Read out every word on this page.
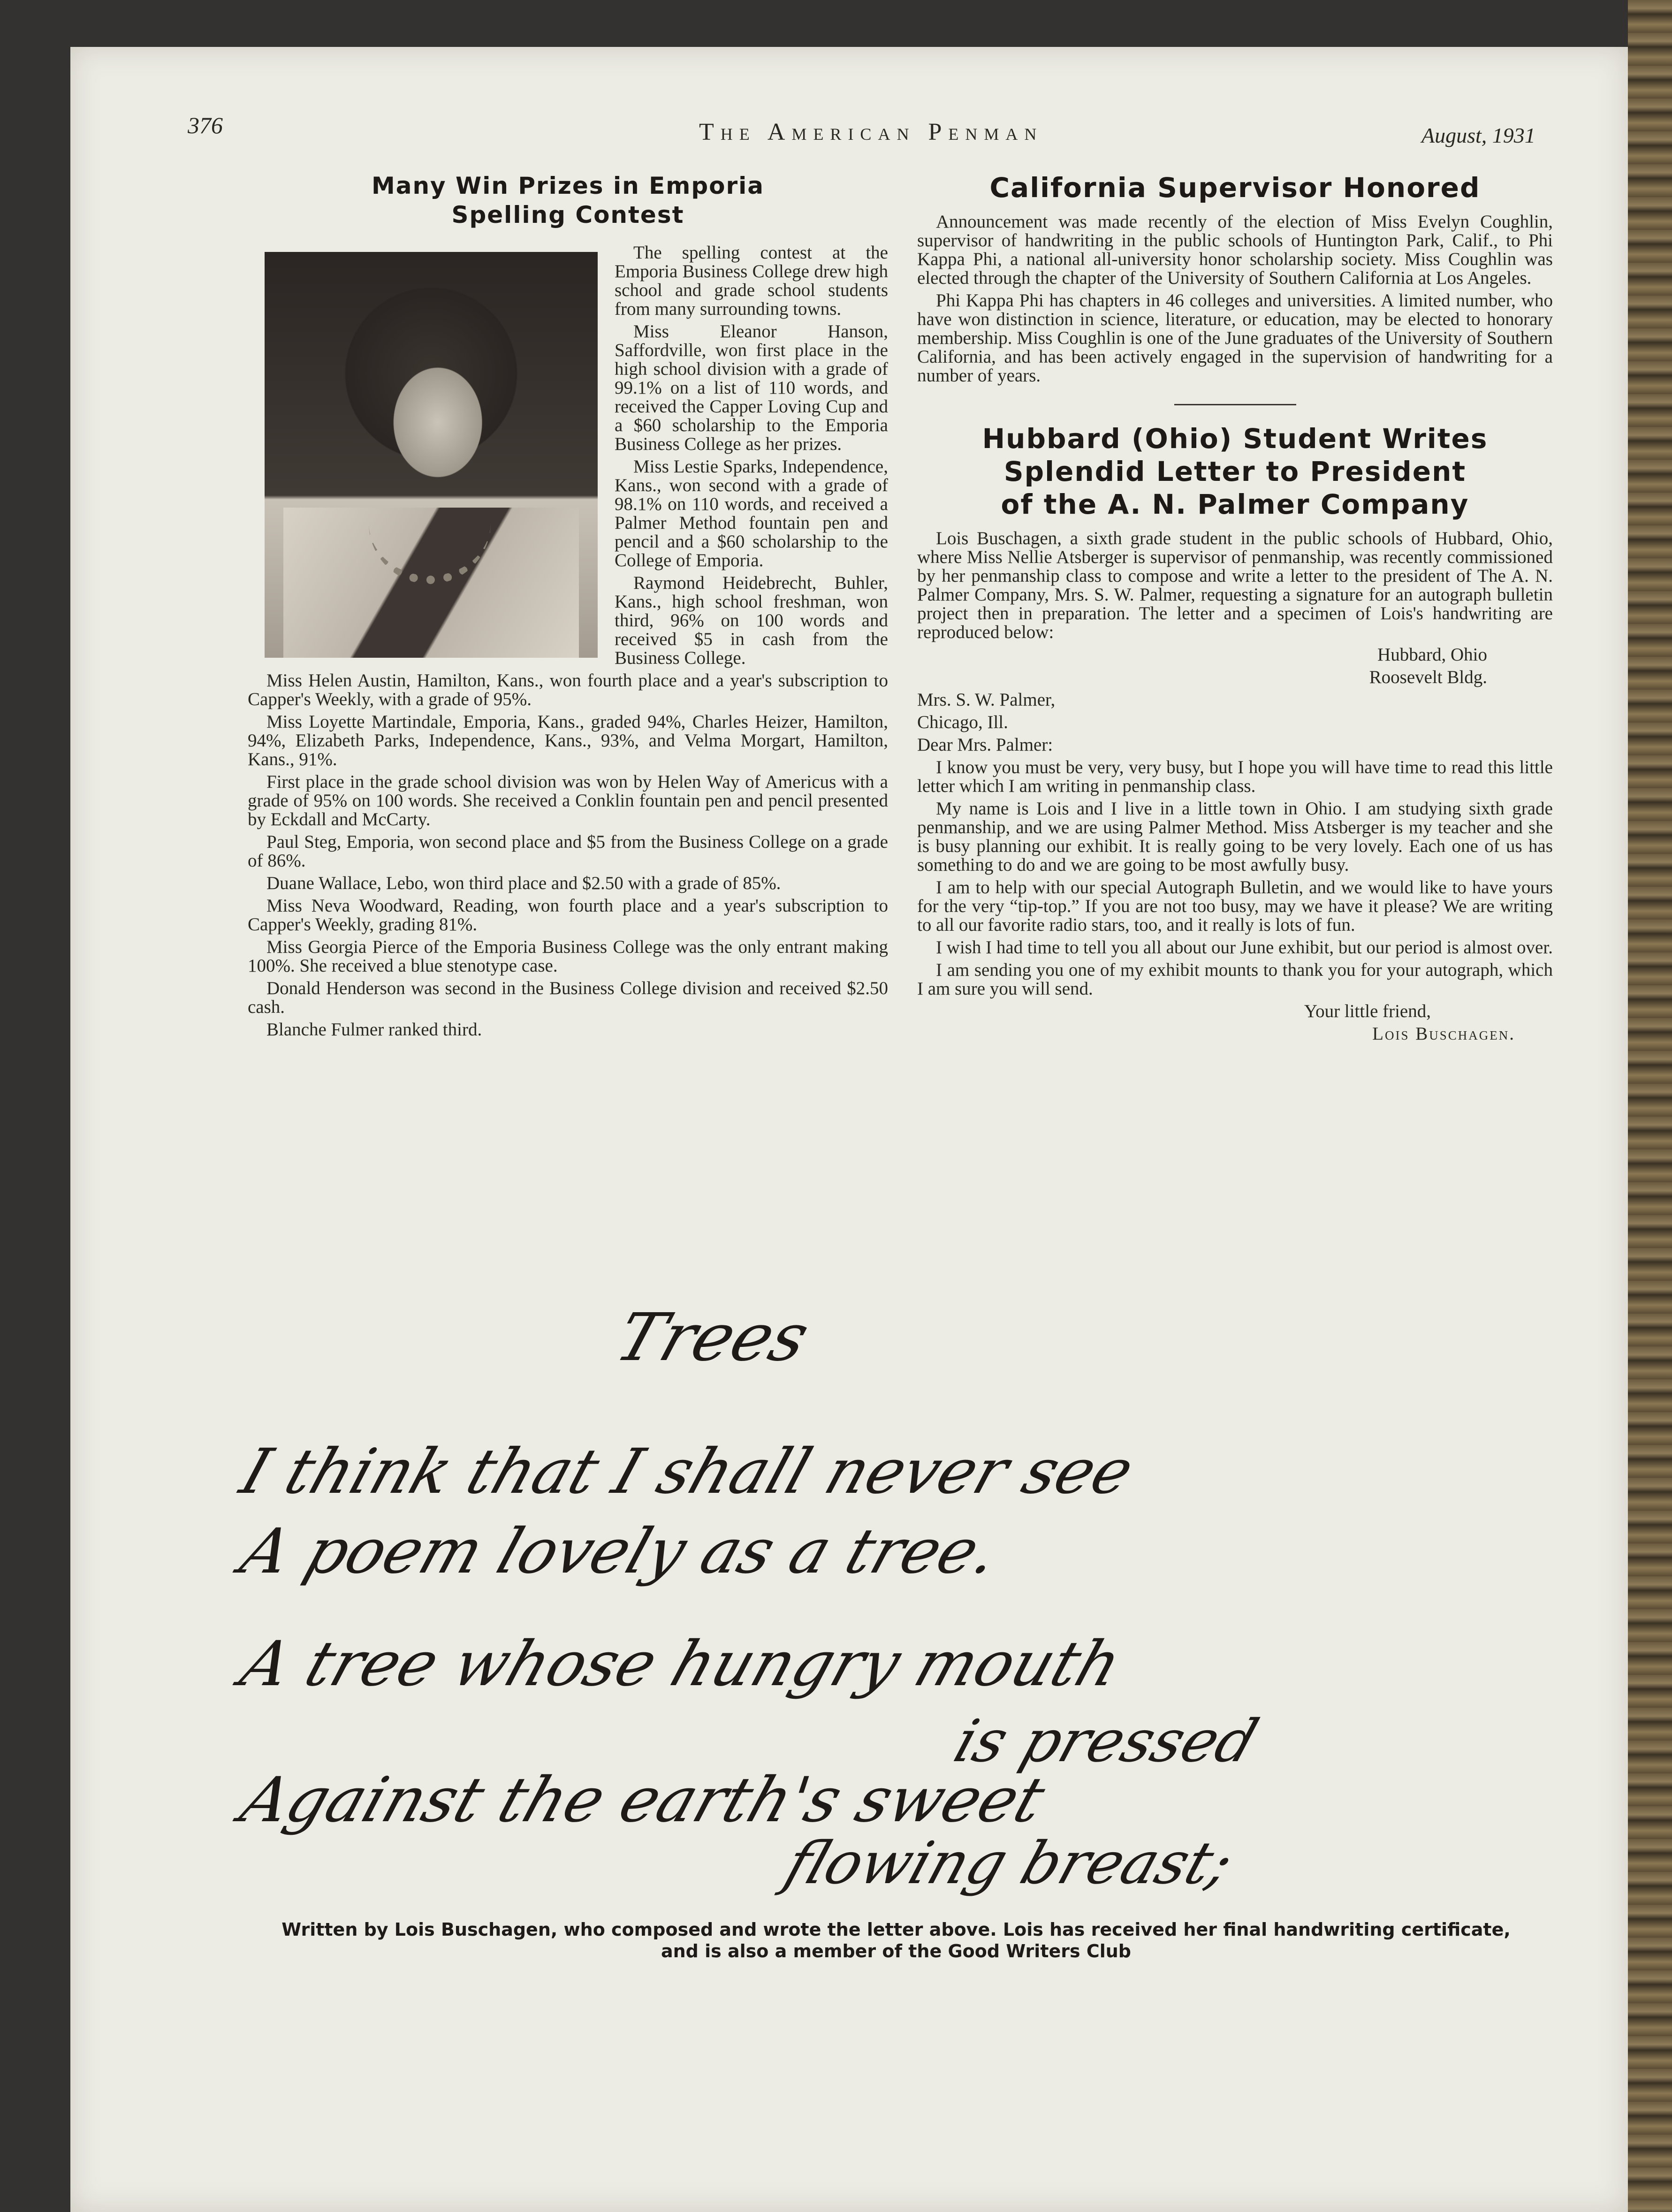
376	The American Penman	August, 1931
Many Win Prizes in Emporia
Spelling Contest

The spelling contest at the Emporia Business College drew high school and grade school students from many surrounding towns.

Miss Eleanor Hanson, Saffordville, won first place in the high school division with a grade of 99.1% on a list of 110 words, and received the Capper Loving Cup and a $60 scholarship to the Emporia Business College as her prizes.

Miss Lestie Sparks, Independence, Kans., won second with a grade of 98.1% on 110 words, and received a Palmer Method fountain pen and pencil and a $60 scholarship to the College of Emporia.

Raymond Heidebrecht, Buhler, Kans., high school freshman, won third, 96% on 100 words and received $5 in cash from the Business College.

Miss Helen Austin, Hamilton, Kans., won fourth place and a year's subscription to Capper's Weekly, with a grade of 95%.

Miss Loyette Martindale, Emporia, Kans., graded 94%, Charles Heizer, Hamilton, 94%, Elizabeth Parks, Independence, Kans., 93%, and Velma Morgart, Hamilton, Kans., 91%.

First place in the grade school division was won by Helen Way of Americus with a grade of 95% on 100 words. She received a Conklin fountain pen and pencil presented by Eckdall and McCarty.

Paul Steg, Emporia, won second place and $5 from the Business College on a grade of 86%.

Duane Wallace, Lebo, won third place and $2.50 with a grade of 85%.

Miss Neva Woodward, Reading, won fourth place and a year's subscription to Capper's Weekly, grading 81%.

Miss Georgia Pierce of the Emporia Business College was the only entrant making 100%. She received a blue stenotype case.

Donald Henderson was second in the Business College division and received $2.50 cash.

Blanche Fulmer ranked third.

California Supervisor Honored

Announcement was made recently of the election of Miss Evelyn Coughlin, supervisor of handwriting in the public schools of Huntington Park, Calif., to Phi Kappa Phi, a national all-university honor scholarship society. Miss Coughlin was elected through the chapter of the University of Southern California at Los Angeles.

Phi Kappa Phi has chapters in 46 colleges and universities. A limited number, who have won distinction in science, literature, or education, may be elected to honorary membership. Miss Coughlin is one of the June graduates of the University of Southern California, and has been actively engaged in the supervision of handwriting for a number of years.

Hubbard (Ohio) Student Writes
Splendid Letter to President
of the A. N. Palmer Company

Lois Buschagen, a sixth grade student in the public schools of Hubbard, Ohio, where Miss Nellie Atsberger is supervisor of penmanship, was recently commissioned by her penmanship class to compose and write a letter to the president of The A. N. Palmer Company, Mrs. S. W. Palmer, requesting a signature for an autograph bulletin project then in preparation. The letter and a specimen of Lois's handwriting are reproduced below:

Hubbard, Ohio

Roosevelt Bldg.

Mrs. S. W. Palmer,

Chicago, Ill.

Dear Mrs. Palmer:

I know you must be very, very busy, but I hope you will have time to read this little letter which I am writing in penmanship class.

My name is Lois and I live in a little town in Ohio. I am studying sixth grade penmanship, and we are using Palmer Method. Miss Atsberger is my teacher and she is busy planning our exhibit. It is really going to be very lovely. Each one of us has something to do and we are going to be most awfully busy.

I am to help with our special Autograph Bulletin, and we would like to have yours for the very “tip-top.” If you are not too busy, may we have it please? We are writing to all our favorite radio stars, too, and it really is lots of fun.

I wish I had time to tell you all about our June exhibit, but our period is almost over.

I am sending you one of my exhibit mounts to thank you for your autograph, which I am sure you will send.

Your little friend,

Lois Buschagen.

Trees
I think that I shall never see
A poem lovely as a tree.
A tree whose hungry mouth
is pressed
Against the earth's sweet
flowing breast;
Written by Lois Buschagen, who composed and wrote the letter above. Lois has received her final handwriting certificate, and is also a member of the Good Writers Club
